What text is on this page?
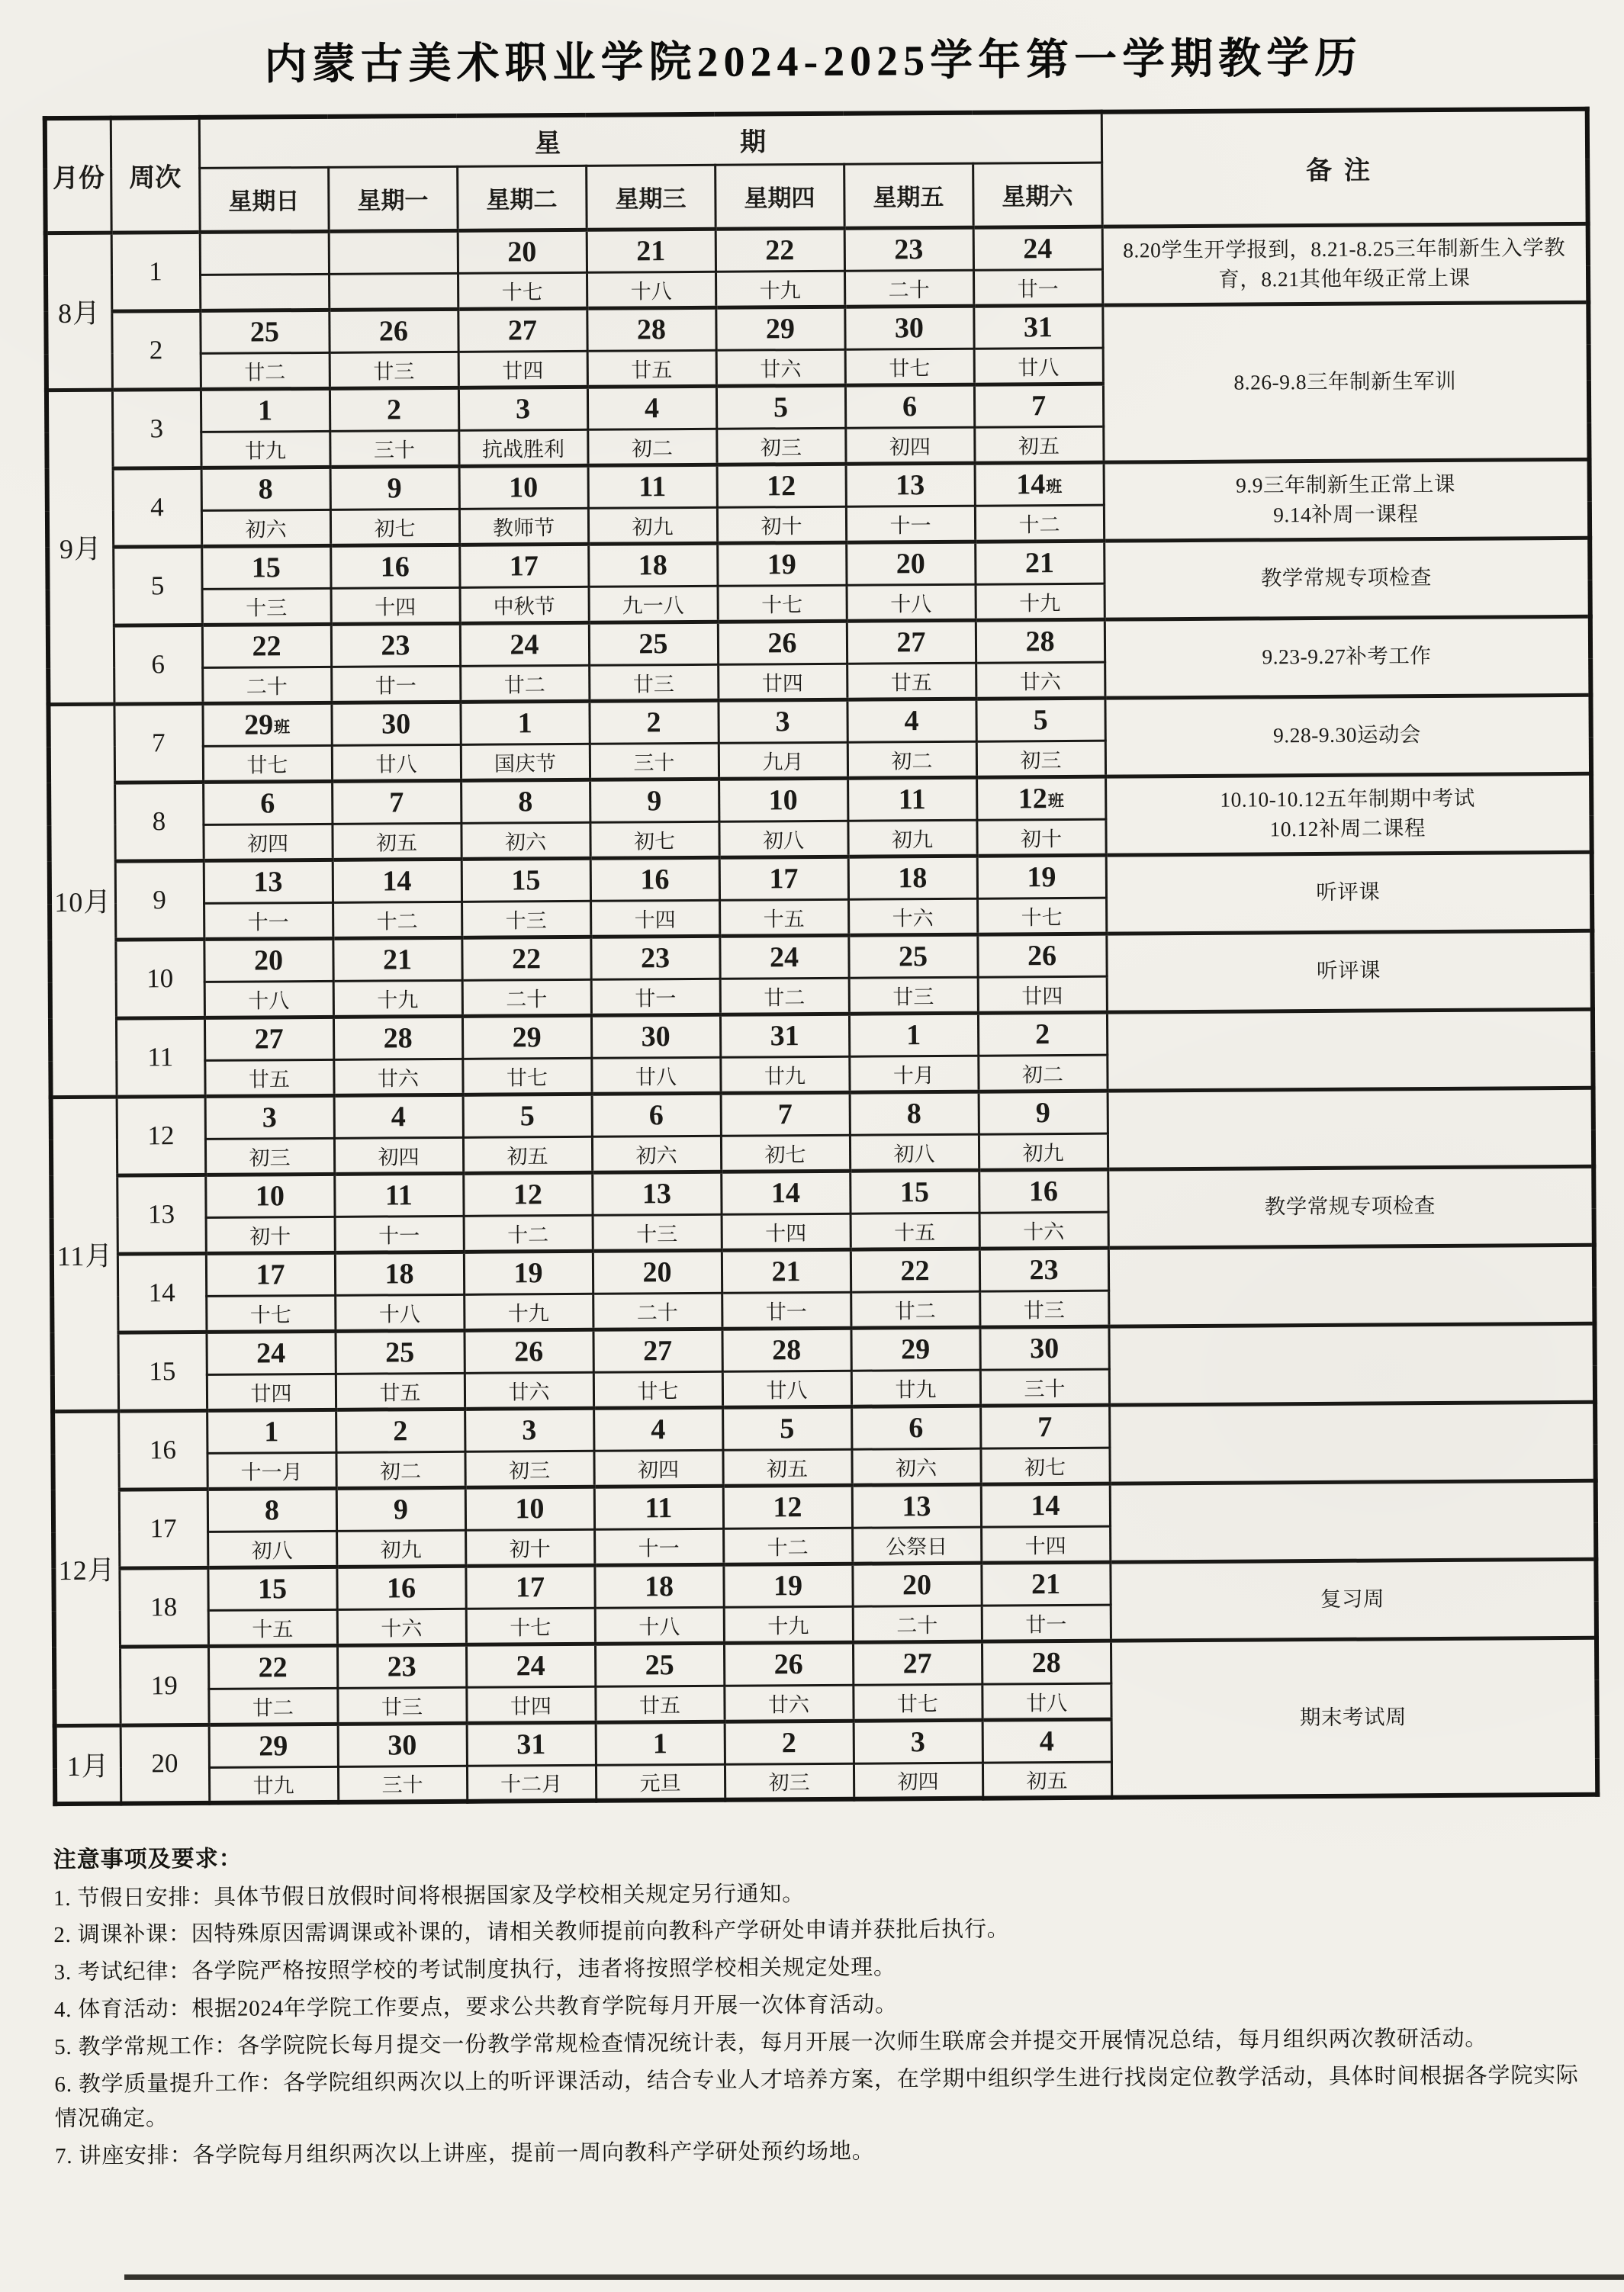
内蒙古美术职业学院2024-2025学年第一学期教学历
月份	周次	星 期							备注
		星期日	星期一	星期二	星期三	星期四	星期五	星期六	
8月	1			20	21	22	23	24	8.20学生开学报到，8.21-8.25三年制新生入学教育，8.21其他年级正常上课
				十七	十八	十九	二十	廿一	
	2	25	26	27	28	29	30	31	8.26-9.8三年制新生军训
		廿二	廿三	廿四	廿五	廿六	廿七	廿八	
9月	3	1	2	3	4	5	6	7	
		廿九	三十	抗战胜利	初二	初三	初四	初五	
	4	8	9	10	11	12	13	14班	9.9三年制新生正常上课
9.14补周一课程
		初六	初七	教师节	初九	初十	十一	十二	
	5	15	16	17	18	19	20	21	教学常规专项检查
		十三	十四	中秋节	九一八	十七	十八	十九	
	6	22	23	24	25	26	27	28	9.23-9.27补考工作
		二十	廿一	廿二	廿三	廿四	廿五	廿六	
10月	7	29班	30	1	2	3	4	5	9.28-9.30运动会
		廿七	廿八	国庆节	三十	九月	初二	初三	
	8	6	7	8	9	10	11	12班	10.10-10.12五年制期中考试
10.12补周二课程
		初四	初五	初六	初七	初八	初九	初十	
	9	13	14	15	16	17	18	19	听评课
		十一	十二	十三	十四	十五	十六	十七	
	10	20	21	22	23	24	25	26	听评课
		十八	十九	二十	廿一	廿二	廿三	廿四	
	11	27	28	29	30	31	1	2	
		廿五	廿六	廿七	廿八	廿九	十月	初二	
11月	12	3	4	5	6	7	8	9	
		初三	初四	初五	初六	初七	初八	初九	
	13	10	11	12	13	14	15	16	教学常规专项检查
		初十	十一	十二	十三	十四	十五	十六	
	14	17	18	19	20	21	22	23	
		十七	十八	十九	二十	廿一	廿二	廿三	
	15	24	25	26	27	28	29	30	
		廿四	廿五	廿六	廿七	廿八	廿九	三十	
12月	16	1	2	3	4	5	6	7	
		十一月	初二	初三	初四	初五	初六	初七	
	17	8	9	10	11	12	13	14	
		初八	初九	初十	十一	十二	公祭日	十四	
	18	15	16	17	18	19	20	21	复习周
		十五	十六	十七	十八	十九	二十	廿一	
	19	22	23	24	25	26	27	28	期末考试周
		廿二	廿三	廿四	廿五	廿六	廿七	廿八	
1月	20	29	30	31	1	2	3	4	
		廿九	三十	十二月	元旦	初三	初四	初五	
注意事项及要求：
1. 节假日安排：具体节假日放假时间将根据国家及学校相关规定另行通知。
2. 调课补课：因特殊原因需调课或补课的，请相关教师提前向教科产学研处申请并获批后执行。
3. 考试纪律：各学院严格按照学校的考试制度执行，违者将按照学校相关规定处理。
4. 体育活动：根据2024年学院工作要点，要求公共教育学院每月开展一次体育活动。
5. 教学常规工作：各学院院长每月提交一份教学常规检查情况统计表，每月开展一次师生联席会并提交开展情况总结，每月组织两次教研活动。
6. 教学质量提升工作：各学院组织两次以上的听评课活动，结合专业人才培养方案，在学期中组织学生进行找岗定位教学活动，具体时间根据各学院实际情况确定。
7. 讲座安排：各学院每月组织两次以上讲座，提前一周向教科产学研处预约场地。
